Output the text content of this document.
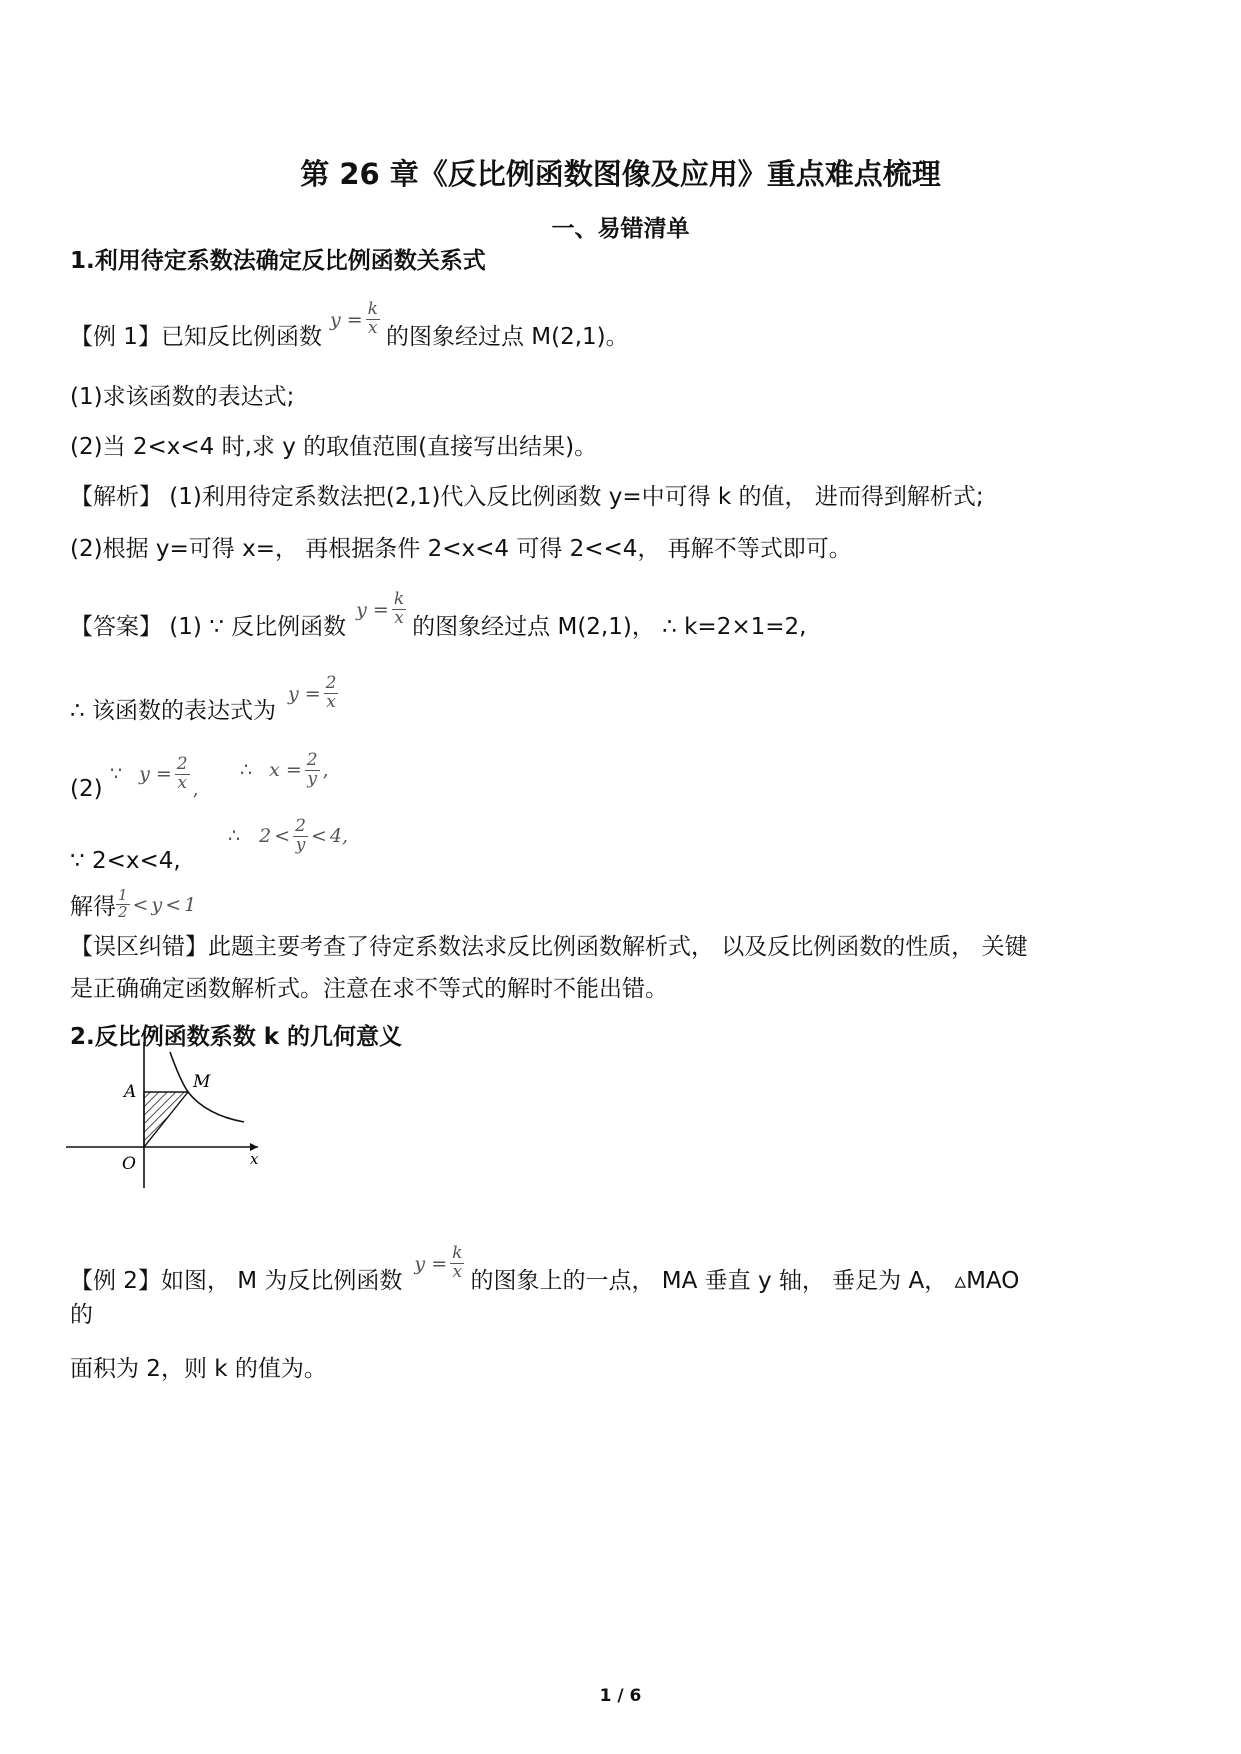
第 26 章《反比例函数图像及应用》重点难点梳理
一、易错清单
1.利用待定系数法确定反比例函数关系式
【例 1】已知反比例函数
$y = \frac{k}{x}$ 的图象经过点 M(2,1)。
(1)求该函数的表达式;
(2)当 2<x<4 时,求 y 的取值范围(直接写出结果)。
【解析】 (1)利用待定系数法把(2,1)代入反比例函数 y=中可得 k 的值， 进而得到解析式;
(2)根据 y=可得 x=， 再根据条件 2<x<4 可得 2<<4， 再解不等式即可。
【答案】 (1) ∵ 反比例函数
$y = \frac{k}{x}$ 的图象经过点 M(2,1)， ∴ k=2×1=2,
∴ 该函数的表达式为
$y = \frac{2}{x}$
(2)
∵ $y = \frac{2}{x}$ ,
∴ $x = \frac{2}{y}$ ,
∴ $2 < \frac{2}{y} < 4$,
∵ 2<x<4,
解得 $\frac{1}{2} < y < 1$
【误区纠错】此题主要考查了待定系数法求反比例函数解析式， 以及反比例函数的性质， 关键
是正确确定函数解析式。注意在求不等式的解时不能出错。
2.反比例函数系数 k 的几何意义
A	M
O	x
【例 2】如图， M 为反比例函数
$y = \frac{k}{x}$ 的图象上的一点， MA 垂直 y 轴， 垂足为 A， ▵MAO
的
面积为 2，则 k 的值为。
1 / 6
